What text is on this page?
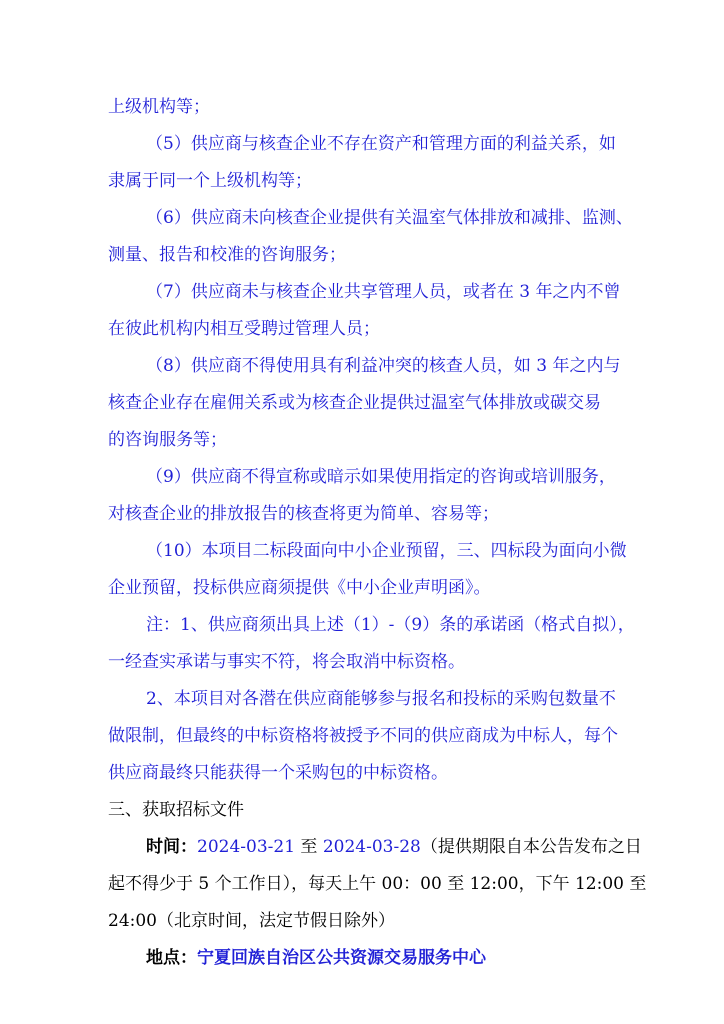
上级机构等；
（5）供应商与核查企业不存在资产和管理方面的利益关系，如
隶属于同一个上级机构等；
（6）供应商未向核查企业提供有关温室气体排放和减排、监测、
测量、报告和校准的咨询服务；
（7）供应商未与核查企业共享管理人员，或者在 3 年之内不曾
在彼此机构内相互受聘过管理人员；
（8）供应商不得使用具有利益冲突的核查人员，如 3 年之内与
核查企业存在雇佣关系或为核查企业提供过温室气体排放或碳交易
的咨询服务等；
（9）供应商不得宣称或暗示如果使用指定的咨询或培训服务，
对核查企业的排放报告的核查将更为简单、容易等；
（10）本项目二标段面向中小企业预留，三、四标段为面向小微
企业预留，投标供应商须提供《中小企业声明函》。
注：1、供应商须出具上述（1）-（9）条的承诺函（格式自拟），
一经查实承诺与事实不符，将会取消中标资格。
2、本项目对各潜在供应商能够参与报名和投标的采购包数量不
做限制，但最终的中标资格将被授予不同的供应商成为中标人，每个
供应商最终只能获得一个采购包的中标资格。
三、获取招标文件
时间：2024-03-21 至 2024-03-28（提供期限自本公告发布之日
起不得少于 5 个工作日），每天上午 00：00 至 12:00，下午 12:00 至
24:00（北京时间，法定节假日除外）
地点：宁夏回族自治区公共资源交易服务中心
